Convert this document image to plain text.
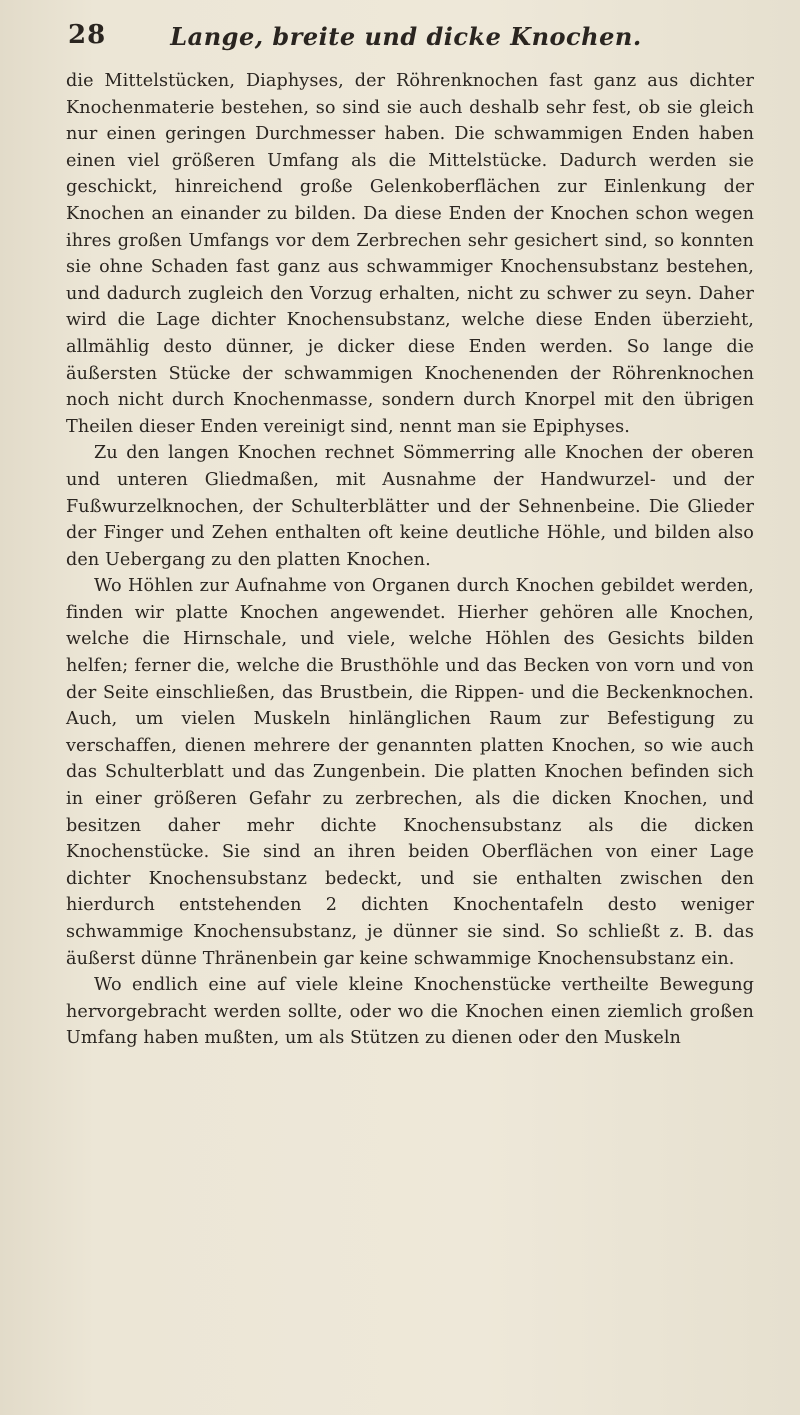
28	Lange, breite und dicke Knochen.

die Mittelstücken, Diaphyses, der Röhrenknochen fast ganz aus dichter Knochenmaterie bestehen, so sind sie auch deshalb sehr fest, ob sie gleich nur einen geringen Durchmesser haben. Die schwammigen Enden haben einen viel größeren Umfang als die Mittelstücke. Dadurch werden sie geschickt, hinreichend große Gelenkoberflächen zur Einlenkung der Knochen an einander zu bilden. Da diese Enden der Knochen schon wegen ihres großen Umfangs vor dem Zerbrechen sehr gesichert sind, so konnten sie ohne Schaden fast ganz aus schwammiger Knochensubstanz bestehen, und dadurch zugleich den Vorzug erhalten, nicht zu schwer zu seyn. Daher wird die Lage dichter Knochensubstanz, welche diese Enden überzieht, allmählig desto dünner, je dicker diese Enden werden. So lange die äußersten Stücke der schwammigen Knochenenden der Röhrenknochen noch nicht durch Knochenmasse, sondern durch Knorpel mit den übrigen Theilen dieser Enden vereinigt sind, nennt man sie Epiphyses.

Zu den langen Knochen rechnet Sömmerring alle Knochen der oberen und unteren Gliedmaßen, mit Ausnahme der Handwurzel- und der Fußwurzelknochen, der Schulterblätter und der Sehnenbeine. Die Glieder der Finger und Zehen enthalten oft keine deutliche Höhle, und bilden also den Uebergang zu den platten Knochen.

Wo Höhlen zur Aufnahme von Organen durch Knochen gebildet werden, finden wir platte Knochen angewendet. Hierher gehören alle Knochen, welche die Hirnschale, und viele, welche Höhlen des Gesichts bilden helfen; ferner die, welche die Brusthöhle und das Becken von vorn und von der Seite einschließen, das Brustbein, die Rippen- und die Beckenknochen. Auch, um vielen Muskeln hinlänglichen Raum zur Befestigung zu verschaffen, dienen mehrere der genannten platten Knochen, so wie auch das Schulterblatt und das Zungenbein. Die platten Knochen befinden sich in einer größeren Gefahr zu zerbrechen, als die dicken Knochen, und besitzen daher mehr dichte Knochensubstanz als die dicken Knochenstücke. Sie sind an ihren beiden Oberflächen von einer Lage dichter Knochensubstanz bedeckt, und sie enthalten zwischen den hierdurch entstehenden 2 dichten Knochentafeln desto weniger schwammige Knochensubstanz, je dünner sie sind. So schließt z. B. das äußerst dünne Thränenbein gar keine schwammige Knochensubstanz ein.

Wo endlich eine auf viele kleine Knochenstücke vertheilte Bewegung hervorgebracht werden sollte, oder wo die Knochen einen ziemlich großen Umfang haben mußten, um als Stützen zu dienen oder den Muskeln
